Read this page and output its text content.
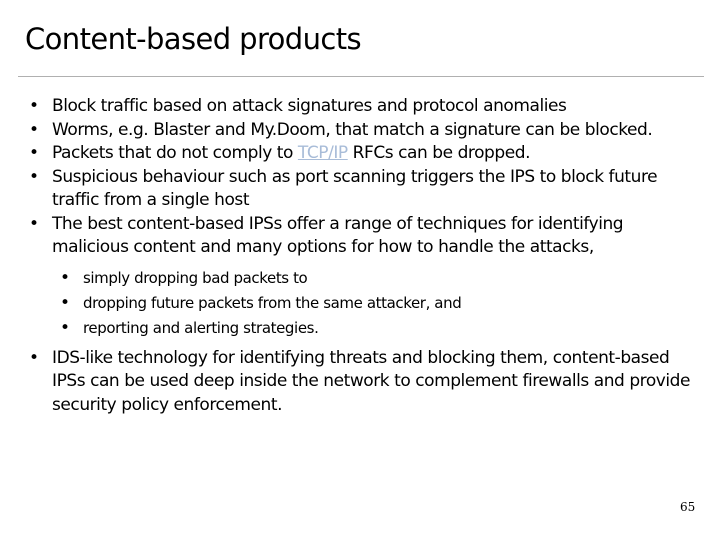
Content-based products
• Block traffic based on attack signatures and protocol anomalies
• Worms, e.g. Blaster and My.Doom, that match a signature can be blocked.
• Packets that do not comply to TCP/IP RFCs can be dropped.
• Suspicious behaviour such as port scanning triggers the IPS to block future traffic from a single host
• The best content-based IPSs offer a range of techniques for identifying malicious content and many options for how to handle the attacks,
• simply dropping bad packets to
• dropping future packets from the same attacker, and
• reporting and alerting strategies.
• IDS-like technology for identifying threats and blocking them, content-based IPSs can be used deep inside the network to complement firewalls and provide security policy enforcement.
65
